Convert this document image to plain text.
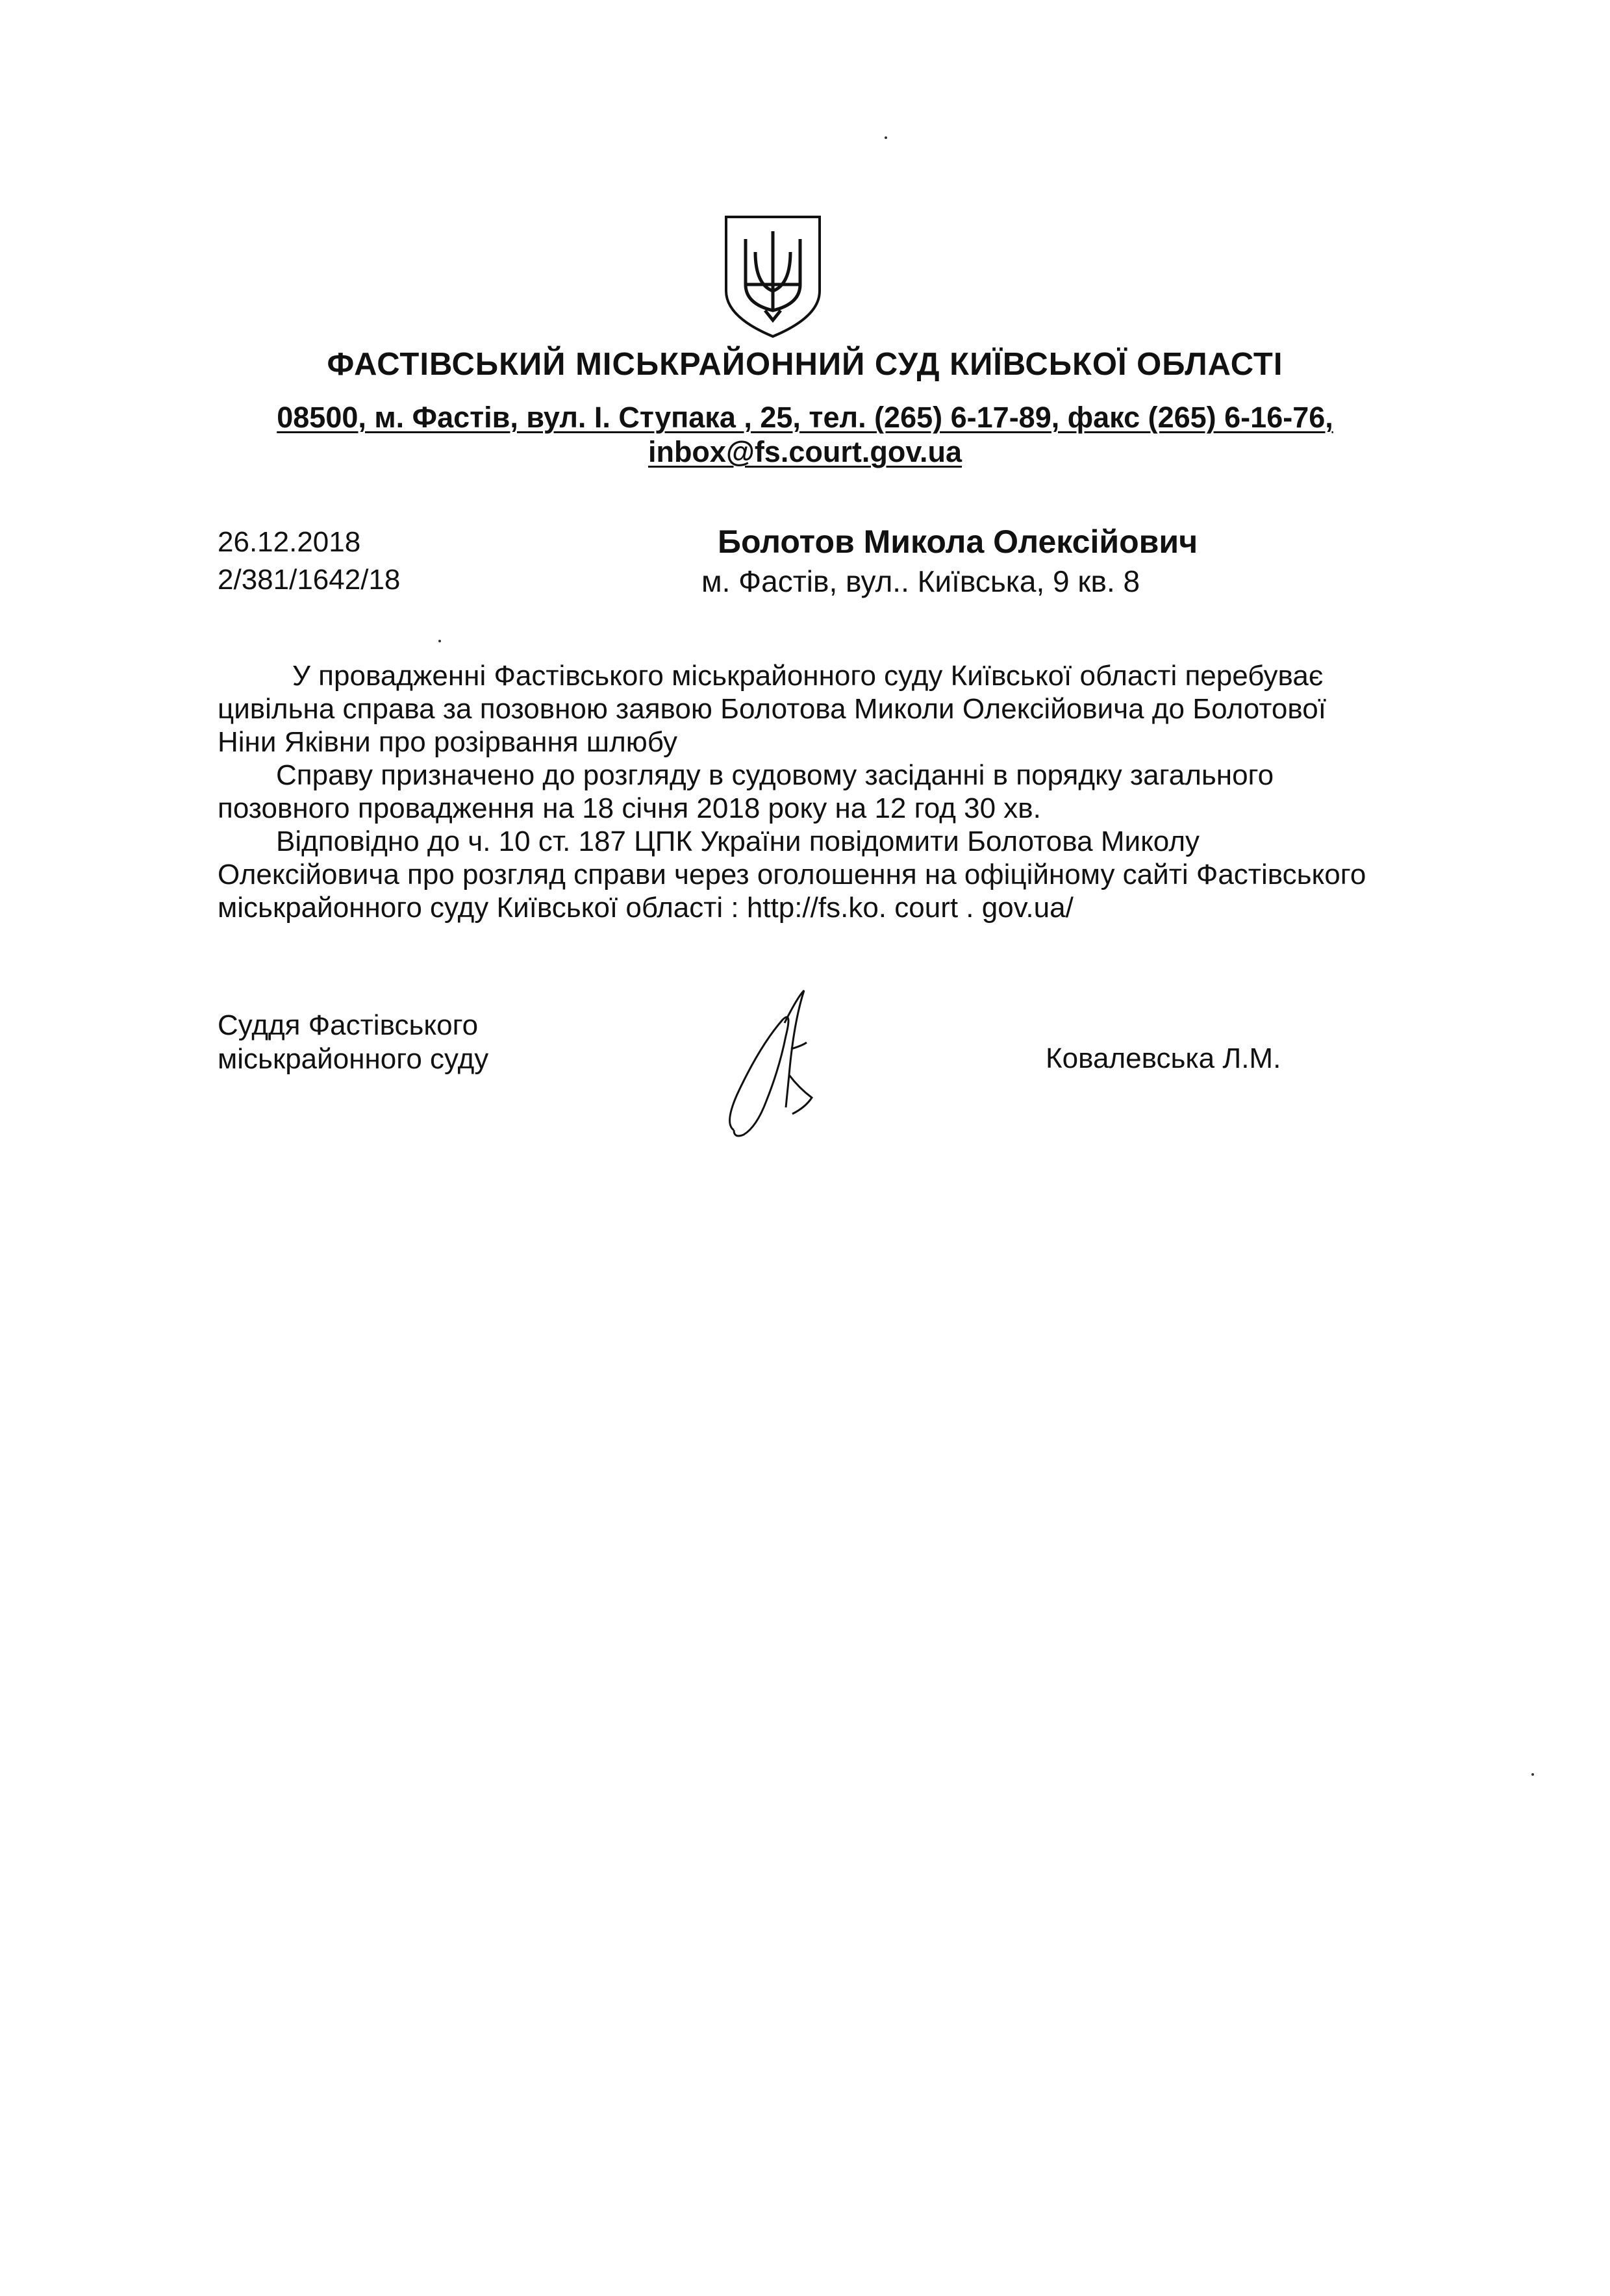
ФАСТІВСЬКИЙ МІСЬКРАЙОННИЙ СУД КИЇВСЬКОЇ ОБЛАСТІ
08500, м. Фастів, вул. І. Ступака , 25, тел. (265) 6-17-89, факс (265) 6-16-76,
inbox@fs.court.gov.ua
26.12.2018
2/381/1642/18
Болотов Микола Олексійович
м. Фастів, вул.. Київська, 9 кв. 8
У провадженні Фастівського міськрайонного суду Київської області перебуває
цивільна справа за позовною заявою Болотова Миколи Олексійовича до Болотової
Ніни Яківни про розірвання шлюбу
Справу призначено до розгляду в судовому засіданні в порядку загального
позовного провадження на 18 січня 2018 року на 12 год 30 хв.
Відповідно до ч. 10 ст. 187 ЦПК України повідомити Болотова Миколу
Олексійовича про розгляд справи через оголошення на офіційному сайті Фастівського
міськрайонного суду Київської області : http://fs.ko. court . gov.ua/
Суддя Фастівського
міськрайонного суду	Ковалевська Л.М.
